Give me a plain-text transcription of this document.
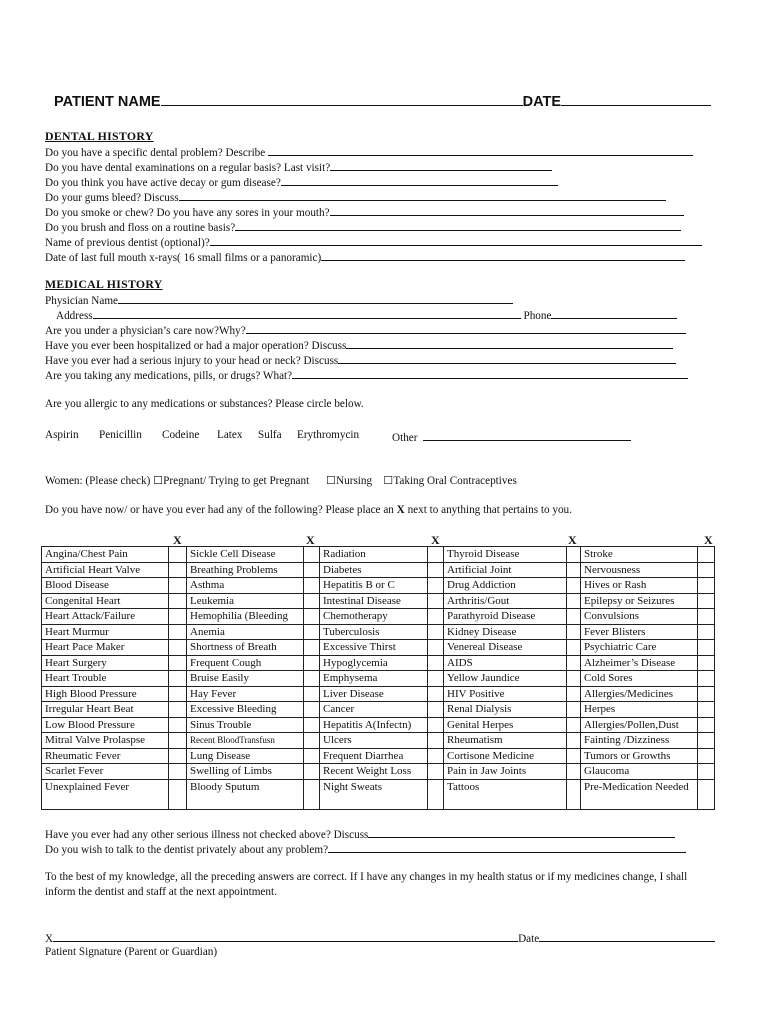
PATIENT NAME	DATE
DENTAL HISTORY
Do you have a specific dental problem? Describe
Do you have dental examinations on a regular basis? Last visit?
Do you think you have active decay or gum disease?
Do your gums bleed? Discuss
Do you smoke or chew? Do you have any sores in your mouth?
Do you brush and floss on a routine basis?
Name of previous dentist (optional)?
Date of last full mouth x-rays( 16 small films or a panoramic)
MEDICAL HISTORY
Physician Name
Address	Phone
Are you under a physician’s care now?Why?
Have you ever been hospitalized or had a major operation? Discuss
Have you ever had a serious injury to your head or neck? Discuss
Are you taking any medications, pills, or drugs? What?
Are you allergic to any medications or substances? Please circle below.
Aspirin Penicillin Codeine Latex Sulfa Erythromycin	Other
Women: (Please check) ☐Pregnant/ Trying to get Pregnant ☐Nursing ☐Taking Oral Contraceptives
Do you have now/ or have you ever had any of the following? Please place an X next to anything that pertains to you.
X	X	X	X	X
Angina/Chest Pain		Sickle Cell Disease		Radiation		Thyroid Disease		Stroke	
Artificial Heart Valve		Breathing Problems		Diabetes		Artificial Joint		Nervousness	
Blood Disease		Asthma		Hepatitis B or C		Drug Addiction		Hives or Rash	
Congenital Heart		Leukemia		Intestinal Disease		Arthritis/Gout		Epilepsy or Seizures	
Heart Attack/Failure		Hemophilia (Bleeding		Chemotherapy		Parathyroid Disease		Convulsions	
Heart Murmur		Anemia		Tuberculosis		Kidney Disease		Fever Blisters	
Heart Pace Maker		Shortness of Breath		Excessive Thirst		Venereal Disease		Psychiatric Care	
Heart Surgery		Frequent Cough		Hypoglycemia		AIDS		Alzheimer’s Disease	
Heart Trouble		Bruise Easily		Emphysema		Yellow Jaundice		Cold Sores	
High Blood Pressure		Hay Fever		Liver Disease		HIV Positive		Allergies/Medicines	
Irregular Heart Beat		Excessive Bleeding		Cancer		Renal Dialysis		Herpes	
Low Blood Pressure		Sinus Trouble		Hepatitis A(Infectn)		Genital Herpes		Allergies/Pollen,Dust	
Mitral Valve Prolaspse		Recent BloodTransfusn		Ulcers		Rheumatism		Fainting /Dizziness	
Rheumatic Fever		Lung Disease		Frequent Diarrhea		Cortisone Medicine		Tumors or Growths	
Scarlet Fever		Swelling of Limbs		Recent Weight Loss		Pain in Jaw Joints		Glaucoma	
Unexplained Fever		Bloody Sputum		Night Sweats		Tattoos		Pre-Medication Needed	
Have you ever had any other serious illness not checked above? Discuss
Do you wish to talk to the dentist privately about any problem?
To the best of my knowledge, all the preceding answers are correct. If I have any changes in my health status or if my medicines change, I shall inform the dentist and staff at the next appointment.
X	Date
Patient Signature (Parent or Guardian)
